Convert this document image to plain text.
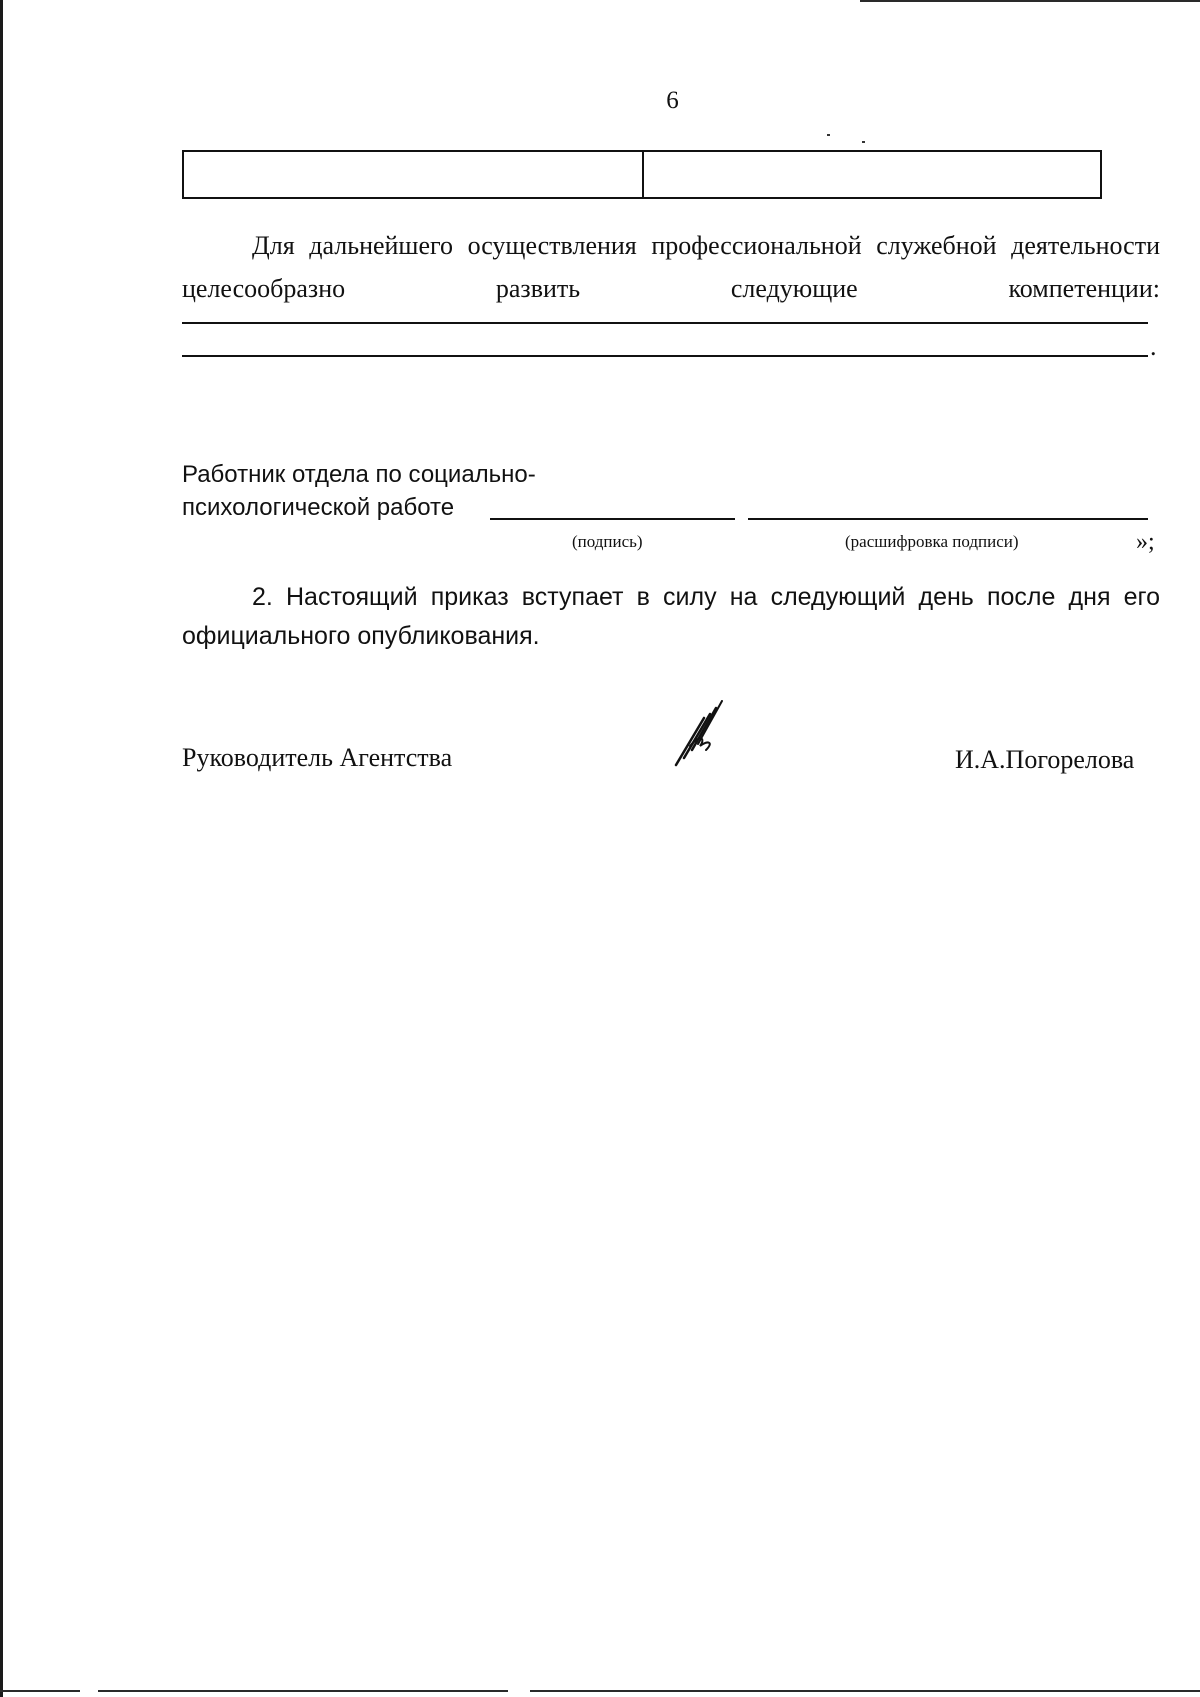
6
Для дальнейшего осуществления профессиональной служебной деятельности целесообразно развить следующие компетенции:
.
Работник отдела по социально-
психологической работе
(подпись)	(расшифровка подписи)	»;
2. Настоящий приказ вступает в силу на следующий день после дня его официального опубликования.
Руководитель Агентства	И.А.Погорелова
